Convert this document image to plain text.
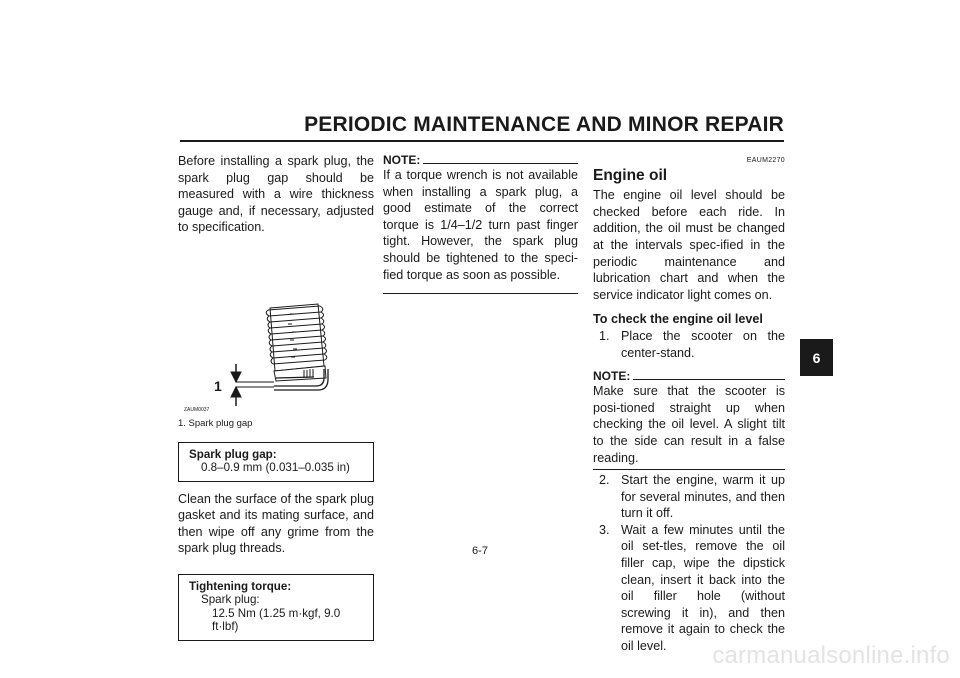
PERIODIC MAINTENANCE AND MINOR REPAIR

Before installing a spark plug, the spark plug gap should be measured with a wire thickness gauge and, if necessary, adjusted to specification.

1
ZAUM0037
1. Spark plug gap
Spark plug gap:
0.8–0.9 mm (0.031–0.035 in)

Clean the surface of the spark plug gasket and its mating surface, and then wipe off any grime from the spark plug threads.

Tightening torque:
Spark plug:
12.5 Nm (1.25 m·kgf, 9.0 ft·lbf)
NOTE:

If a torque wrench is not available when installing a spark plug, a good estimate of the correct torque is 1/4–1/2 turn past finger tight. However, the spark plug should be tightened to the speci-fied torque as soon as possible.

EAUM2270
Engine oil

The engine oil level should be checked before each ride. In addition, the oil must be changed at the intervals spec-ified in the periodic maintenance and lubrication chart and when the service indicator light comes on.

To check the engine oil level
1. Place the scooter on the center-stand.
NOTE:

Make sure that the scooter is posi-tioned straight up when checking the oil level. A slight tilt to the side can result in a false reading.

2. Start the engine, warm it up for several minutes, and then turn it off.
3. Wait a few minutes until the oil set-tles, remove the oil filler cap, wipe the dipstick clean, insert it back into the oil filler hole (without screwing it in), and then remove it again to check the oil level.
6
6-7
carmanualsonline.info
